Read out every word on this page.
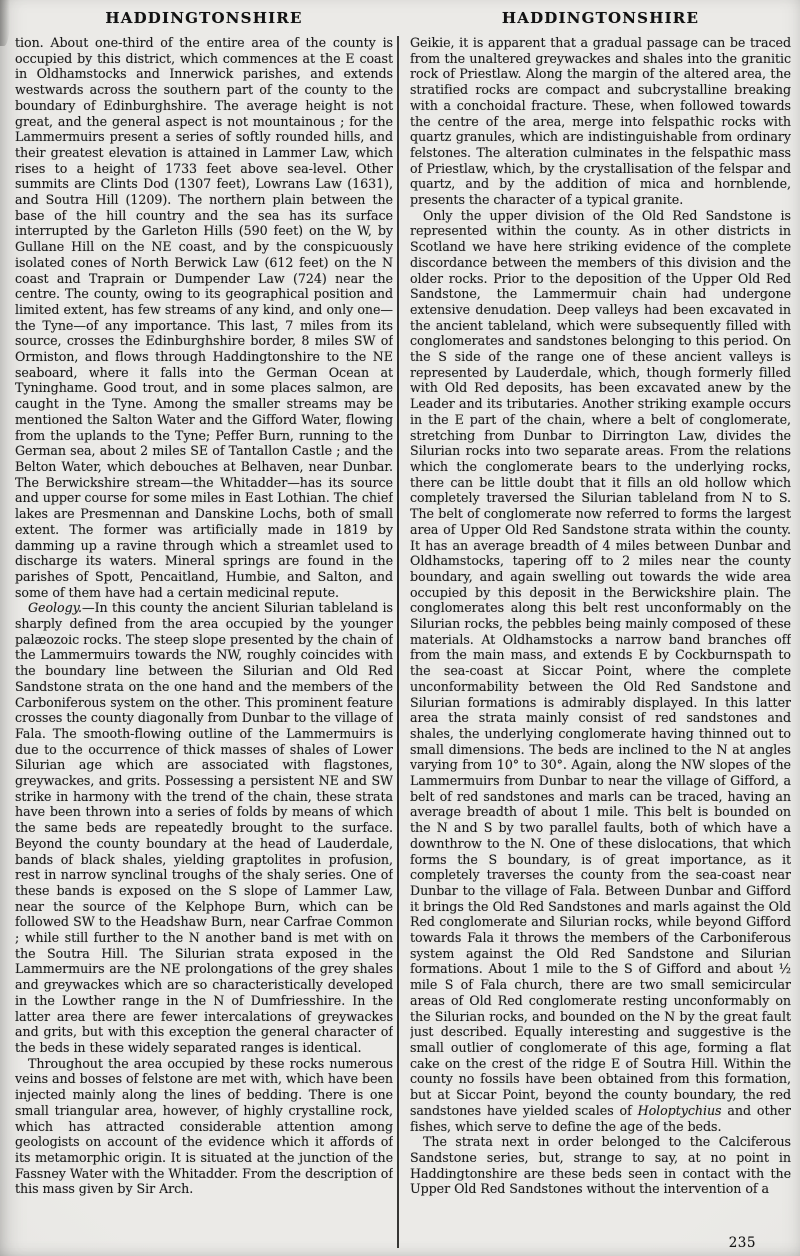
HADDINGTONSHIRE

tion. About one-third of the entire area of the county is occupied by this district, which commences at the E coast in Oldhamstocks and Innerwick parishes, and extends westwards across the southern part of the county to the boundary of Edinburghshire. The average height is not great, and the general aspect is not mountainous ; for the Lammermuirs present a series of softly rounded hills, and their greatest elevation is attained in Lammer Law, which rises to a height of 1733 feet above sea-level. Other summits are Clints Dod (1307 feet), Lowrans Law (1631), and Soutra Hill (1209). The northern plain between the base of the hill country and the sea has its surface interrupted by the Garleton Hills (590 feet) on the W, by Gullane Hill on the NE coast, and by the conspicuously isolated cones of North Berwick Law (612 feet) on the N coast and Traprain or Dumpender Law (724) near the centre. The county, owing to its geographical position and limited extent, has few streams of any kind, and only one—the Tyne—of any importance. This last, 7 miles from its source, crosses the Edinburghshire border, 8 miles SW of Ormiston, and flows through Haddingtonshire to the NE seaboard, where it falls into the German Ocean at Tyninghame. Good trout, and in some places salmon, are caught in the Tyne. Among the smaller streams may be mentioned the Salton Water and the Gifford Water, flowing from the uplands to the Tyne; Peffer Burn, running to the German sea, about 2 miles SE of Tantallon Castle ; and the Belton Water, which debouches at Belhaven, near Dunbar. The Berwickshire stream—the Whitadder—has its source and upper course for some miles in East Lothian. The chief lakes are Presmennan and Danskine Lochs, both of small extent. The former was artificially made in 1819 by damming up a ravine through which a streamlet used to discharge its waters. Mineral springs are found in the parishes of Spott, Pencaitland, Humbie, and Salton, and some of them have had a certain medicinal repute.

Geology.—In this county the ancient Silurian tableland is sharply defined from the area occupied by the younger palæozoic rocks. The steep slope presented by the chain of the Lammermuirs towards the NW, roughly coincides with the boundary line between the Silurian and Old Red Sandstone strata on the one hand and the members of the Carboniferous system on the other. This prominent feature crosses the county diagonally from Dunbar to the village of Fala. The smooth-flowing outline of the Lammermuirs is due to the occurrence of thick masses of shales of Lower Silurian age which are associated with flagstones, greywackes, and grits. Possessing a persistent NE and SW strike in harmony with the trend of the chain, these strata have been thrown into a series of folds by means of which the same beds are repeatedly brought to the surface. Beyond the county boundary at the head of Lauderdale, bands of black shales, yielding graptolites in profusion, rest in narrow synclinal troughs of the shaly series. One of these bands is exposed on the S slope of Lammer Law, near the source of the Kelphope Burn, which can be followed SW to the Headshaw Burn, near Carfrae Common ; while still further to the N another band is met with on the Soutra Hill. The Silurian strata exposed in the Lammermuirs are the NE prolongations of the grey shales and greywackes which are so characteristically developed in the Lowther range in the N of Dumfriesshire. In the latter area there are fewer intercalations of greywackes and grits, but with this exception the general character of the beds in these widely separated ranges is identical.

Throughout the area occupied by these rocks numerous veins and bosses of felstone are met with, which have been injected mainly along the lines of bedding. There is one small triangular area, however, of highly crystalline rock, which has attracted considerable attention among geologists on account of the evidence which it affords of its metamorphic origin. It is situated at the junction of the Fassney Water with the Whitadder. From the description of this mass given by Sir Arch.

HADDINGTONSHIRE

Geikie, it is apparent that a gradual passage can be traced from the unaltered greywackes and shales into the granitic rock of Priestlaw. Along the margin of the altered area, the stratified rocks are compact and subcrystalline breaking with a conchoidal fracture. These, when followed towards the centre of the area, merge into felspathic rocks with quartz granules, which are indistinguishable from ordinary felstones. The alteration culminates in the felspathic mass of Priestlaw, which, by the crystallisation of the felspar and quartz, and by the addition of mica and hornblende, presents the character of a typical granite.

Only the upper division of the Old Red Sandstone is represented within the county. As in other districts in Scotland we have here striking evidence of the complete discordance between the members of this division and the older rocks. Prior to the deposition of the Upper Old Red Sandstone, the Lammermuir chain had undergone extensive denudation. Deep valleys had been excavated in the ancient tableland, which were subsequently filled with conglomerates and sandstones belonging to this period. On the S side of the range one of these ancient valleys is represented by Lauderdale, which, though formerly filled with Old Red deposits, has been excavated anew by the Leader and its tributaries. Another striking example occurs in the E part of the chain, where a belt of conglomerate, stretching from Dunbar to Dirrington Law, divides the Silurian rocks into two separate areas. From the relations which the conglomerate bears to the underlying rocks, there can be little doubt that it fills an old hollow which completely traversed the Silurian tableland from N to S. The belt of conglomerate now referred to forms the largest area of Upper Old Red Sandstone strata within the county. It has an average breadth of 4 miles between Dunbar and Oldhamstocks, tapering off to 2 miles near the county boundary, and again swelling out towards the wide area occupied by this deposit in the Berwickshire plain. The conglomerates along this belt rest unconformably on the Silurian rocks, the pebbles being mainly composed of these materials. At Oldhamstocks a narrow band branches off from the main mass, and extends E by Cockburnspath to the sea-coast at Siccar Point, where the complete unconformability between the Old Red Sandstone and Silurian formations is admirably displayed. In this latter area the strata mainly consist of red sandstones and shales, the underlying conglomerate having thinned out to small dimensions. The beds are inclined to the N at angles varying from 10° to 30°. Again, along the NW slopes of the Lammermuirs from Dunbar to near the village of Gifford, a belt of red sandstones and marls can be traced, having an average breadth of about 1 mile. This belt is bounded on the N and S by two parallel faults, both of which have a downthrow to the N. One of these dislocations, that which forms the S boundary, is of great importance, as it completely traverses the county from the sea-coast near Dunbar to the village of Fala. Between Dunbar and Gifford it brings the Old Red Sandstones and marls against the Old Red conglomerate and Silurian rocks, while beyond Gifford towards Fala it throws the members of the Carboniferous system against the Old Red Sandstone and Silurian formations. About 1 mile to the S of Gifford and about ½ mile S of Fala church, there are two small semicircular areas of Old Red conglomerate resting unconformably on the Silurian rocks, and bounded on the N by the great fault just described. Equally interesting and suggestive is the small outlier of conglomerate of this age, forming a flat cake on the crest of the ridge E of Soutra Hill. Within the county no fossils have been obtained from this formation, but at Siccar Point, beyond the county boundary, the red sandstones have yielded scales of Holoptychius and other fishes, which serve to define the age of the beds.

The strata next in order belonged to the Calciferous Sandstone series, but, strange to say, at no point in Haddingtonshire are these beds seen in contact with the Upper Old Red Sandstones without the intervention of a

235
